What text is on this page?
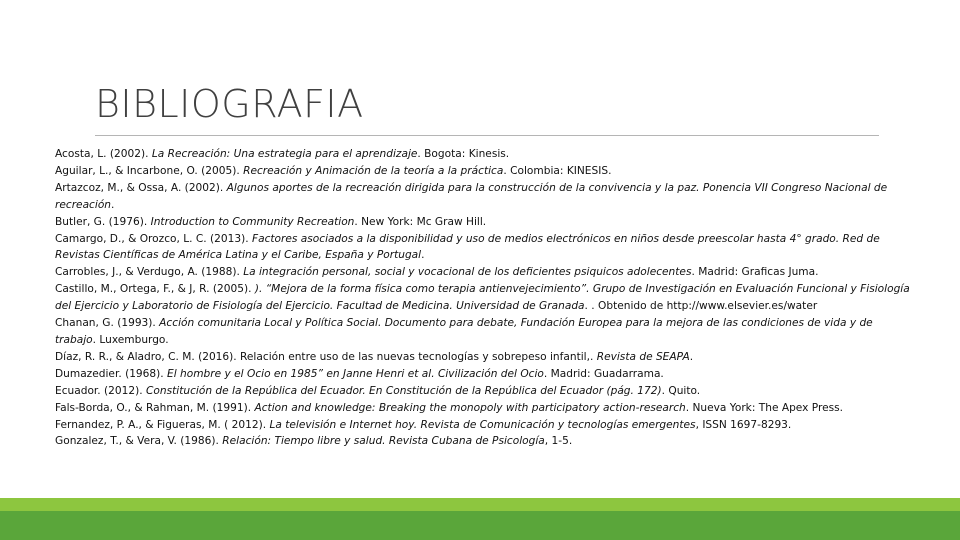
BIBLIOGRAFIA

Acosta, L. (2002). La Recreación: Una estrategia para el aprendizaje. Bogota: Kinesis.

Aguilar, L., & Incarbone, O. (2005). Recreación y Animación de la teoría a la práctica. Colombia: KINESIS.

Artazcoz, M., & Ossa, A. (2002). Algunos aportes de la recreación dirigida para la construcción de la convivencia y la paz. Ponencia VII Congreso Nacional de recreación.

Butler, G. (1976). Introduction to Community Recreation. New York: Mc Graw Hill.

Camargo, D., & Orozco, L. C. (2013). Factores asociados a la disponibilidad y uso de medios electrónicos en niños desde preescolar hasta 4° grado. Red de Revistas Científicas de América Latina y el Caribe, España y Portugal.

Carrobles, J., & Verdugo, A. (1988). La integración personal, social y vocacional de los deficientes psiquicos adolecentes. Madrid: Graficas Juma.

Castillo, M., Ortega, F., & J, R. (2005). ). “Mejora de la forma física como terapia antienvejecimiento”. Grupo de Investigación en Evaluación Funcional y Fisiología del Ejercicio y Laboratorio de Fisiología del Ejercicio. Facultad de Medicina. Universidad de Granada. . Obtenido de http://www.elsevier.es/water

Chanan, G. (1993). Acción comunitaria Local y Política Social. Documento para debate, Fundación Europea para la mejora de las condiciones de vida y de trabajo. Luxemburgo.

Díaz, R. R., & Aladro, C. M. (2016). Relación entre uso de las nuevas tecnologías y sobrepeso infantil,. Revista de SEAPA.

Dumazedier. (1968). El hombre y el Ocio en 1985” en Janne Henri et al. Civilización del Ocio. Madrid: Guadarrama.

Ecuador. (2012). Constitución de la República del Ecuador. En Constitución de la República del Ecuador (pág. 172). Quito.

Fals-Borda, O., & Rahman, M. (1991). Action and knowledge: Breaking the monopoly with participatory action-research. Nueva York: The Apex Press.

Fernandez, P. A., & Figueras, M. ( 2012). La televisión e Internet hoy. Revista de Comunicación y tecnologías emergentes, ISSN 1697-8293.

Gonzalez, T., & Vera, V. (1986). Relación: Tiempo libre y salud. Revista Cubana de Psicología, 1-5.
